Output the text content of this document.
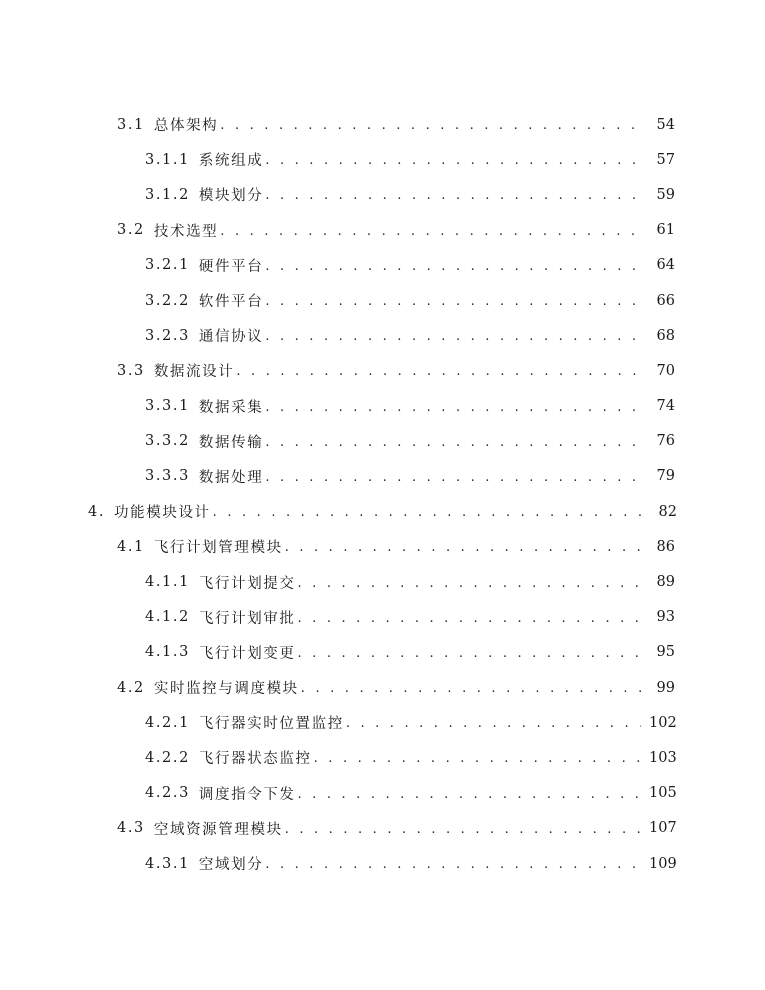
3.1 总体架构 . . .	54
3.1.1 系统组成 . . .	57
3.1.2 模块划分 . . .	59
3.2 技术选型 . . .	61
3.2.1 硬件平台 . . .	64
3.2.2 软件平台 . . .	66
3.2.3 通信协议 . . .	68
3.3 数据流设计 . . .	70
3.3.1 数据采集 . . .	74
3.3.2 数据传输 . . .	76
3.3.3 数据处理 . . .	79
4. 功能模块设计 . . .	82
4.1 飞行计划管理模块 . . .	86
4.1.1 飞行计划提交 . . .	89
4.1.2 飞行计划审批 . . .	93
4.1.3 飞行计划变更 . . .	95
4.2 实时监控与调度模块 . . .	99
4.2.1 飞行器实时位置监控 . . .	102
4.2.2 飞行器状态监控 . . .	103
4.2.3 调度指令下发 . . .	105
4.3 空域资源管理模块 . . .	107
4.3.1 空域划分 . . .	109
